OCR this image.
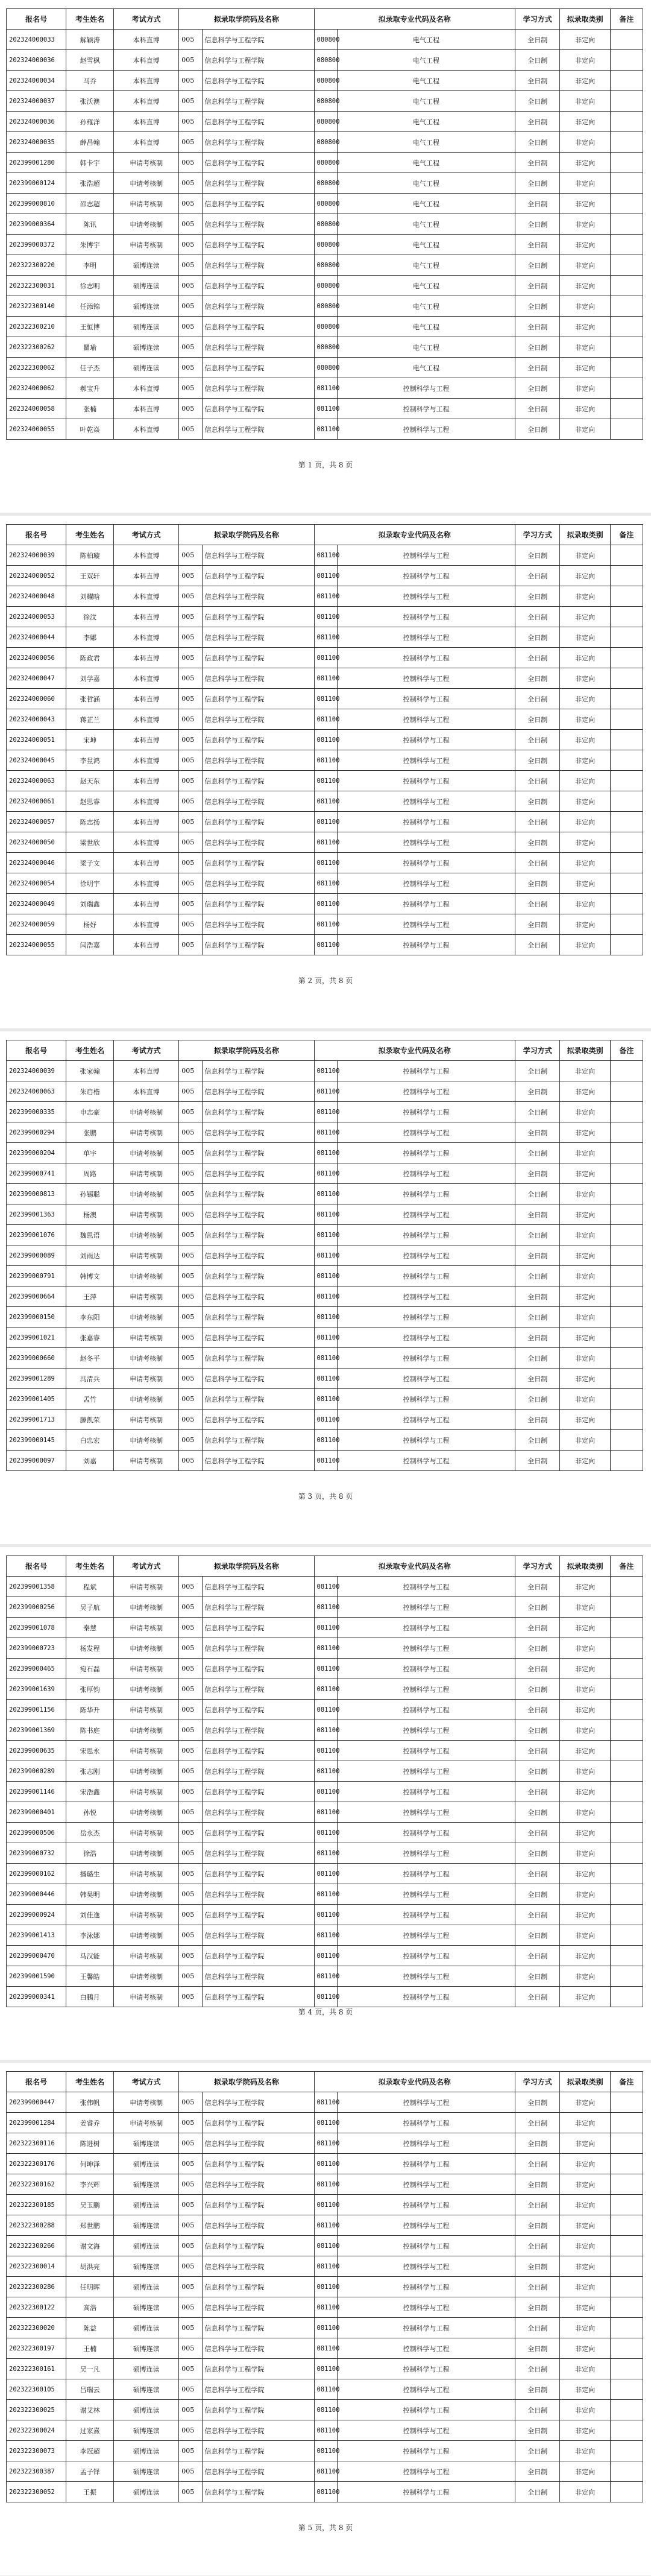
报名号	考生姓名	考试方式	拟录取学院码及名称		拟录取专业代码及名称		学习方式	拟录取类别	备注
202324000033	解颖涛	本科直博	005	信息科学与工程学院	080800	电气工程	全日制	非定向	
202324000036	赵雪枫	本科直博	005	信息科学与工程学院	080800	电气工程	全日制	非定向	
202324000034	马乔	本科直博	005	信息科学与工程学院	080800	电气工程	全日制	非定向	
202324000037	张沃澳	本科直博	005	信息科学与工程学院	080800	电气工程	全日制	非定向	
202324000036	孙雍洋	本科直博	005	信息科学与工程学院	080800	电气工程	全日制	非定向	
202324000035	薛昌翰	本科直博	005	信息科学与工程学院	080800	电气工程	全日制	非定向	
202399001280	韩卡宇	申请考核制	005	信息科学与工程学院	080800	电气工程	全日制	非定向	
202399000124	张浩超	申请考核制	005	信息科学与工程学院	080800	电气工程	全日制	非定向	
202399000810	邵志超	申请考核制	005	信息科学与工程学院	080800	电气工程	全日制	非定向	
202399000364	陈讯	申请考核制	005	信息科学与工程学院	080800	电气工程	全日制	非定向	
202399000372	朱博宇	申请考核制	005	信息科学与工程学院	080800	电气工程	全日制	非定向	
202322300220	李明	硕博连读	005	信息科学与工程学院	080800	电气工程	全日制	非定向	
202322300031	徐志明	硕博连读	005	信息科学与工程学院	080800	电气工程	全日制	非定向	
202322300140	任添锦	硕博连读	005	信息科学与工程学院	080800	电气工程	全日制	非定向	
202322300210	王恒博	硕博连读	005	信息科学与工程学院	080800	电气工程	全日制	非定向	
202322300262	瞿瑜	硕博连读	005	信息科学与工程学院	080800	电气工程	全日制	非定向	
202322300062	任子杰	硕博连读	005	信息科学与工程学院	080800	电气工程	全日制	非定向	
202324000062	郝宝升	本科直博	005	信息科学与工程学院	081100	控制科学与工程	全日制	非定向	
202324000058	张楠	本科直博	005	信息科学与工程学院	081100	控制科学与工程	全日制	非定向	
202324000055	叶乾焱	本科直博	005	信息科学与工程学院	081100	控制科学与工程	全日制	非定向	
第 1 页，共 8 页
报名号	考生姓名	考试方式	拟录取学院码及名称		拟录取专业代码及名称		学习方式	拟录取类别	备注
202324000039	陈柏璇	本科直博	005	信息科学与工程学院	081100	控制科学与工程	全日制	非定向	
202324000052	王双轩	本科直博	005	信息科学与工程学院	081100	控制科学与工程	全日制	非定向	
202324000048	刘耀晗	本科直博	005	信息科学与工程学院	081100	控制科学与工程	全日制	非定向	
202324000053	徐汶	本科直博	005	信息科学与工程学院	081100	控制科学与工程	全日制	非定向	
202324000044	李娜	本科直博	005	信息科学与工程学院	081100	控制科学与工程	全日制	非定向	
202324000056	陈政君	本科直博	005	信息科学与工程学院	081100	控制科学与工程	全日制	非定向	
202324000047	刘学嘉	本科直博	005	信息科学与工程学院	081100	控制科学与工程	全日制	非定向	
202324000060	张哲涵	本科直博	005	信息科学与工程学院	081100	控制科学与工程	全日制	非定向	
202324000043	蒋芷兰	本科直博	005	信息科学与工程学院	081100	控制科学与工程	全日制	非定向	
202324000051	宋坤	本科直博	005	信息科学与工程学院	081100	控制科学与工程	全日制	非定向	
202324000045	李昱鸿	本科直博	005	信息科学与工程学院	081100	控制科学与工程	全日制	非定向	
202324000063	赵天东	本科直博	005	信息科学与工程学院	081100	控制科学与工程	全日制	非定向	
202324000061	赵思睿	本科直博	005	信息科学与工程学院	081100	控制科学与工程	全日制	非定向	
202324000057	陈志扬	本科直博	005	信息科学与工程学院	081100	控制科学与工程	全日制	非定向	
202324000050	梁世欣	本科直博	005	信息科学与工程学院	081100	控制科学与工程	全日制	非定向	
202324000046	梁子文	本科直博	005	信息科学与工程学院	081100	控制科学与工程	全日制	非定向	
202324000054	徐明宇	本科直博	005	信息科学与工程学院	081100	控制科学与工程	全日制	非定向	
202324000049	刘瑞鑫	本科直博	005	信息科学与工程学院	081100	控制科学与工程	全日制	非定向	
202324000059	杨妤	本科直博	005	信息科学与工程学院	081100	控制科学与工程	全日制	非定向	
202324000055	闫浩嘉	本科直博	005	信息科学与工程学院	081100	控制科学与工程	全日制	非定向	
第 2 页，共 8 页
报名号	考生姓名	考试方式	拟录取学院码及名称		拟录取专业代码及名称		学习方式	拟录取类别	备注
202324000039	张家翰	本科直博	005	信息科学与工程学院	081100	控制科学与工程	全日制	非定向	
202324000063	朱启楷	本科直博	005	信息科学与工程学院	081100	控制科学与工程	全日制	非定向	
202399000335	申志豪	申请考核制	005	信息科学与工程学院	081100	控制科学与工程	全日制	非定向	
202399000294	张鹏	申请考核制	005	信息科学与工程学院	081100	控制科学与工程	全日制	非定向	
202399000204	单宇	申请考核制	005	信息科学与工程学院	081100	控制科学与工程	全日制	非定向	
202399000741	周路	申请考核制	005	信息科学与工程学院	081100	控制科学与工程	全日制	非定向	
202399000813	孙锡聪	申请考核制	005	信息科学与工程学院	081100	控制科学与工程	全日制	非定向	
202399001363	杨澳	申请考核制	005	信息科学与工程学院	081100	控制科学与工程	全日制	非定向	
202399001076	魏思语	申请考核制	005	信息科学与工程学院	081100	控制科学与工程	全日制	非定向	
202399000089	刘雨达	申请考核制	005	信息科学与工程学院	081100	控制科学与工程	全日制	非定向	
202399000791	韩博文	申请考核制	005	信息科学与工程学院	081100	控制科学与工程	全日制	非定向	
202399000664	王萍	申请考核制	005	信息科学与工程学院	081100	控制科学与工程	全日制	非定向	
202399000150	李东阳	申请考核制	005	信息科学与工程学院	081100	控制科学与工程	全日制	非定向	
202399001021	张嘉睿	申请考核制	005	信息科学与工程学院	081100	控制科学与工程	全日制	非定向	
202399000660	赵冬平	申请考核制	005	信息科学与工程学院	081100	控制科学与工程	全日制	非定向	
202399001289	冯清兵	申请考核制	005	信息科学与工程学院	081100	控制科学与工程	全日制	非定向	
202399001405	孟竹	申请考核制	005	信息科学与工程学院	081100	控制科学与工程	全日制	非定向	
202399001713	滕凯荣	申请考核制	005	信息科学与工程学院	081100	控制科学与工程	全日制	非定向	
202399000145	白忠宏	申请考核制	005	信息科学与工程学院	081100	控制科学与工程	全日制	非定向	
202399000097	刘嘉	申请考核制	005	信息科学与工程学院	081100	控制科学与工程	全日制	非定向	
第 3 页，共 8 页
报名号	考生姓名	考试方式	拟录取学院码及名称		拟录取专业代码及名称		学习方式	拟录取类别	备注
202399001358	程斌	申请考核制	005	信息科学与工程学院	081100	控制科学与工程	全日制	非定向	
202399000256	吴子航	申请考核制	005	信息科学与工程学院	081100	控制科学与工程	全日制	非定向	
202399001078	秦慧	申请考核制	005	信息科学与工程学院	081100	控制科学与工程	全日制	非定向	
202399000723	杨发程	申请考核制	005	信息科学与工程学院	081100	控制科学与工程	全日制	非定向	
202399000465	宛石磊	申请考核制	005	信息科学与工程学院	081100	控制科学与工程	全日制	非定向	
202399001639	张厚钧	申请考核制	005	信息科学与工程学院	081100	控制科学与工程	全日制	非定向	
202399001156	陈华升	申请考核制	005	信息科学与工程学院	081100	控制科学与工程	全日制	非定向	
202399001369	陈书庭	申请考核制	005	信息科学与工程学院	081100	控制科学与工程	全日制	非定向	
202399000635	宋思永	申请考核制	005	信息科学与工程学院	081100	控制科学与工程	全日制	非定向	
202399000289	张志刚	申请考核制	005	信息科学与工程学院	081100	控制科学与工程	全日制	非定向	
202399001146	宋浩鑫	申请考核制	005	信息科学与工程学院	081100	控制科学与工程	全日制	非定向	
202399000401	孙悦	申请考核制	005	信息科学与工程学院	081100	控制科学与工程	全日制	非定向	
202399000506	岳永杰	申请考核制	005	信息科学与工程学院	081100	控制科学与工程	全日制	非定向	
202399000732	徐浩	申请考核制	005	信息科学与工程学院	081100	控制科学与工程	全日制	非定向	
202399000162	播璐生	申请考核制	005	信息科学与工程学院	081100	控制科学与工程	全日制	非定向	
202399000446	韩昊明	申请考核制	005	信息科学与工程学院	081100	控制科学与工程	全日制	非定向	
202399000924	刘佳逸	申请考核制	005	信息科学与工程学院	081100	控制科学与工程	全日制	非定向	
202399001413	李泳娜	申请考核制	005	信息科学与工程学院	081100	控制科学与工程	全日制	非定向	
202399000470	马汉能	申请考核制	005	信息科学与工程学院	081100	控制科学与工程	全日制	非定向	
202399001590	王馨皓	申请考核制	005	信息科学与工程学院	081100	控制科学与工程	全日制	非定向	
202399000341	白鹏月	申请考核制	005	信息科学与工程学院	081100	控制科学与工程	全日制	非定向	
第 4 页，共 8 页
报名号	考生姓名	考试方式	拟录取学院码及名称		拟录取专业代码及名称		学习方式	拟录取类别	备注
202399000447	张伟帆	申请考核制	005	信息科学与工程学院	081100	控制科学与工程	全日制	非定向	
202399001284	姜睿乔	申请考核制	005	信息科学与工程学院	081100	控制科学与工程	全日制	非定向	
202322300116	陈进树	硕博连读	005	信息科学与工程学院	081100	控制科学与工程	全日制	非定向	
202322300176	何坤泽	硕博连读	005	信息科学与工程学院	081100	控制科学与工程	全日制	非定向	
202322300162	李兴辉	硕博连读	005	信息科学与工程学院	081100	控制科学与工程	全日制	非定向	
202322300185	吴玉鹏	硕博连读	005	信息科学与工程学院	081100	控制科学与工程	全日制	非定向	
202322300288	郑世鹏	硕博连读	005	信息科学与工程学院	081100	控制科学与工程	全日制	非定向	
202322300266	谢文海	硕博连读	005	信息科学与工程学院	081100	控制科学与工程	全日制	非定向	
202322300014	胡洪亮	硕博连读	005	信息科学与工程学院	081100	控制科学与工程	全日制	非定向	
202322300286	任明晖	硕博连读	005	信息科学与工程学院	081100	控制科学与工程	全日制	非定向	
202322300122	高浩	硕博连读	005	信息科学与工程学院	081100	控制科学与工程	全日制	非定向	
202322300020	陈益	硕博连读	005	信息科学与工程学院	081100	控制科学与工程	全日制	非定向	
202322300197	王楠	硕博连读	005	信息科学与工程学院	081100	控制科学与工程	全日制	非定向	
202322300161	吴一凡	硕博连读	005	信息科学与工程学院	081100	控制科学与工程	全日制	非定向	
202322300105	吕瑞云	硕博连读	005	信息科学与工程学院	081100	控制科学与工程	全日制	非定向	
202322300025	谢艾林	硕博连读	005	信息科学与工程学院	081100	控制科学与工程	全日制	非定向	
202322300024	过家熹	硕博连读	005	信息科学与工程学院	081100	控制科学与工程	全日制	非定向	
202322300073	李冠超	硕博连读	005	信息科学与工程学院	081100	控制科学与工程	全日制	非定向	
202322300387	孟子铎	硕博连读	005	信息科学与工程学院	081100	控制科学与工程	全日制	非定向	
202322300052	王振	硕博连读	005	信息科学与工程学院	081100	控制科学与工程	全日制	非定向	
第 5 页，共 8 页
